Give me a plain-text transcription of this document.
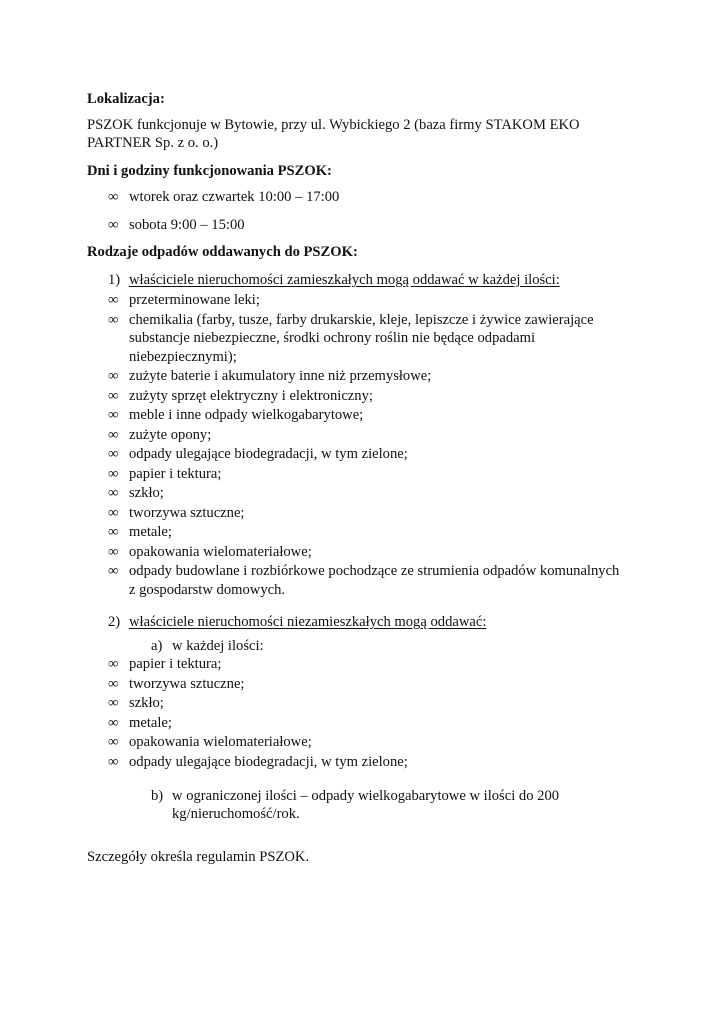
Lokalizacja:
PSZOK funkcjonuje w Bytowie, przy ul. Wybickiego 2 (baza firmy STAKOM EKO
PARTNER Sp. z o. o.)
Dni i godziny funkcjonowania PSZOK:
∞ wtorek oraz czwartek 10:00 – 17:00
∞ sobota 9:00 – 15:00
Rodzaje odpadów oddawanych do PSZOK:
1) właściciele nieruchomości zamieszkałych mogą oddawać w każdej ilości:
∞ przeterminowane leki;
∞ chemikalia (farby, tusze, farby drukarskie, kleje, lepiszcze i żywice zawierające
substancje niebezpieczne, środki ochrony roślin nie będące odpadami
niebezpiecznymi);
∞ zużyte baterie i akumulatory inne niż przemysłowe;
∞ zużyty sprzęt elektryczny i elektroniczny;
∞ meble i inne odpady wielkogabarytowe;
∞ zużyte opony;
∞ odpady ulegające biodegradacji, w tym zielone;
∞ papier i tektura;
∞ szkło;
∞ tworzywa sztuczne;
∞ metale;
∞ opakowania wielomateriałowe;
∞ odpady budowlane i rozbiórkowe pochodzące ze strumienia odpadów komunalnych
z gospodarstw domowych.
2) właściciele nieruchomości niezamieszkałych mogą oddawać:
a) w każdej ilości:
∞ papier i tektura;
∞ tworzywa sztuczne;
∞ szkło;
∞ metale;
∞ opakowania wielomateriałowe;
∞ odpady ulegające biodegradacji, w tym zielone;
b) w ograniczonej ilości – odpady wielkogabarytowe w ilości do 200
kg/nieruchomość/rok.
Szczegóły określa regulamin PSZOK.
